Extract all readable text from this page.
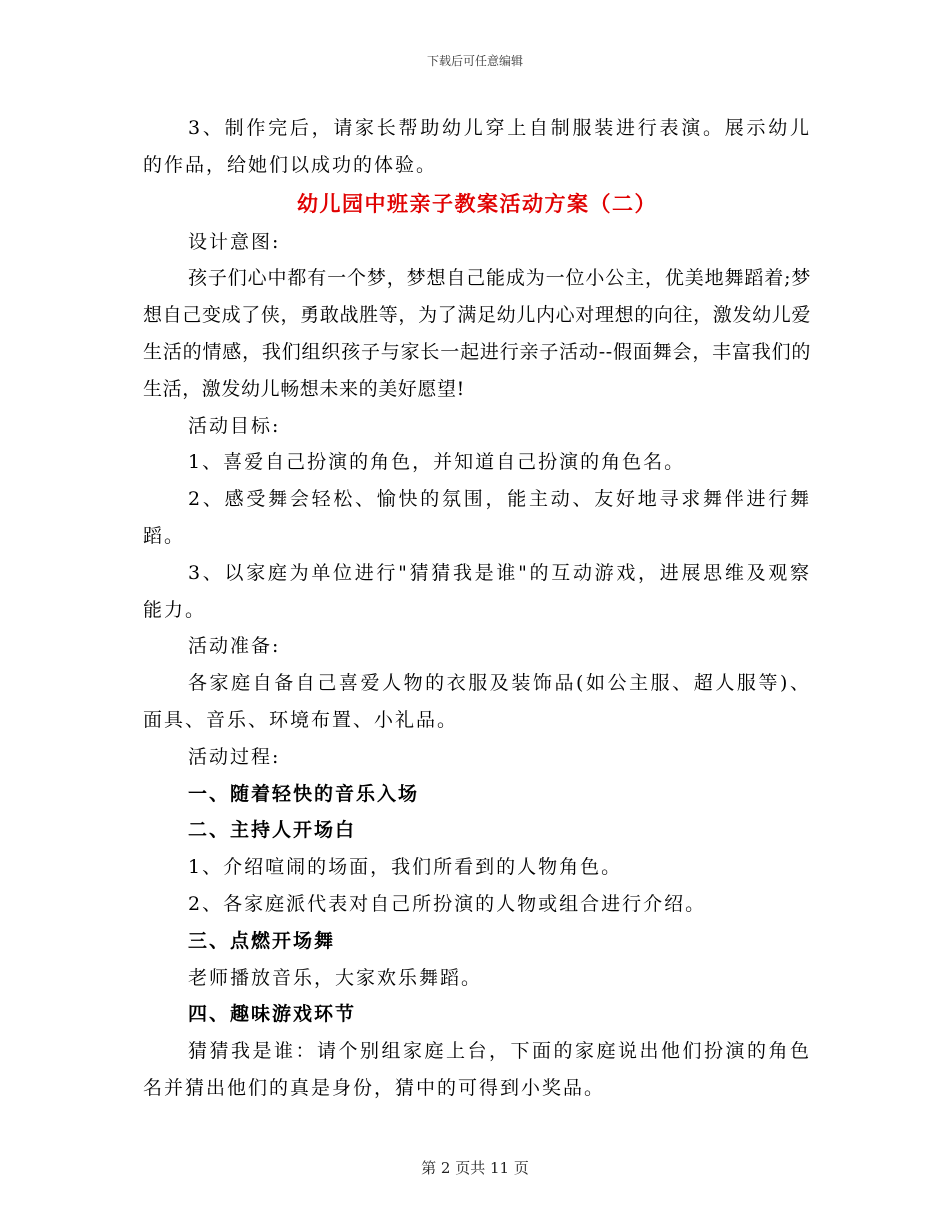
下载后可任意编辑

3、制作完后，请家长帮助幼儿穿上自制服装进行表演。展示幼儿的作品，给她们以成功的体验。

幼儿园中班亲子教案活动方案（二）

设计意图:

孩子们心中都有一个梦，梦想自己能成为一位小公主，优美地舞蹈着;梦想自己变成了侠，勇敢战胜等，为了满足幼儿内心对理想的向往，激发幼儿爱生活的情感，我们组织孩子与家长一起进行亲子活动--假面舞会，丰富我们的生活，激发幼儿畅想未来的美好愿望!

活动目标:

1、喜爱自己扮演的角色，并知道自己扮演的角色名。

2、感受舞会轻松、愉快的氛围，能主动、友好地寻求舞伴进行舞蹈。

3、以家庭为单位进行"猜猜我是谁"的互动游戏，进展思维及观察能力。

活动准备:

各家庭自备自己喜爱人物的衣服及装饰品(如公主服、超人服等)、面具、音乐、环境布置、小礼品。

活动过程:

一、随着轻快的音乐入场

二、主持人开场白

1、介绍喧闹的场面，我们所看到的人物角色。

2、各家庭派代表对自己所扮演的人物或组合进行介绍。

三、点燃开场舞

老师播放音乐，大家欢乐舞蹈。

四、趣味游戏环节

猜猜我是谁：请个别组家庭上台，下面的家庭说出他们扮演的角色名并猜出他们的真是身份，猜中的可得到小奖品。

第 2 页共 11 页
